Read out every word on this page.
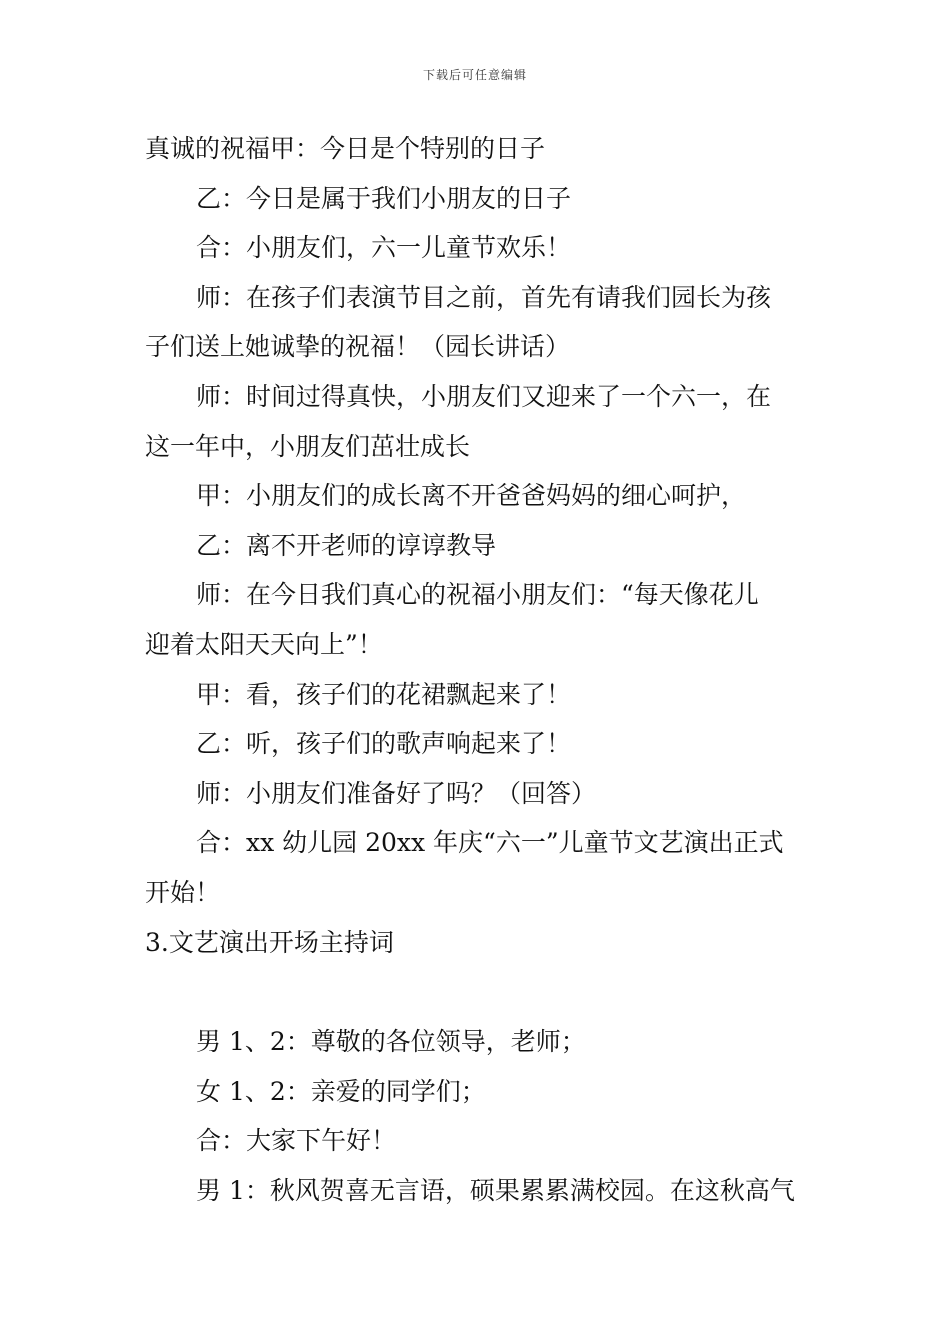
下载后可任意编辑
真诚的祝福甲：今日是个特别的日子
乙：今日是属于我们小朋友的日子
合：小朋友们，六一儿童节欢乐！
师：在孩子们表演节目之前，首先有请我们园长为孩
子们送上她诚挚的祝福！（园长讲话）
师：时间过得真快，小朋友们又迎来了一个六一，在
这一年中，小朋友们茁壮成长
甲：小朋友们的成长离不开爸爸妈妈的细心呵护，
乙：离不开老师的谆谆教导
师：在今日我们真心的祝福小朋友们：“每天像花儿
迎着太阳天天向上”！
甲：看，孩子们的花裙飘起来了！
乙：听，孩子们的歌声响起来了！
师：小朋友们准备好了吗？（回答）
合：xx 幼儿园 20xx 年庆“六一”儿童节文艺演出正式
开始！
3.文艺演出开场主持词
男 1、2：尊敬的各位领导，老师；
女 1、2：亲爱的同学们；
合：大家下午好！
男 1：秋风贺喜无言语，硕果累累满校园。在这秋高气
